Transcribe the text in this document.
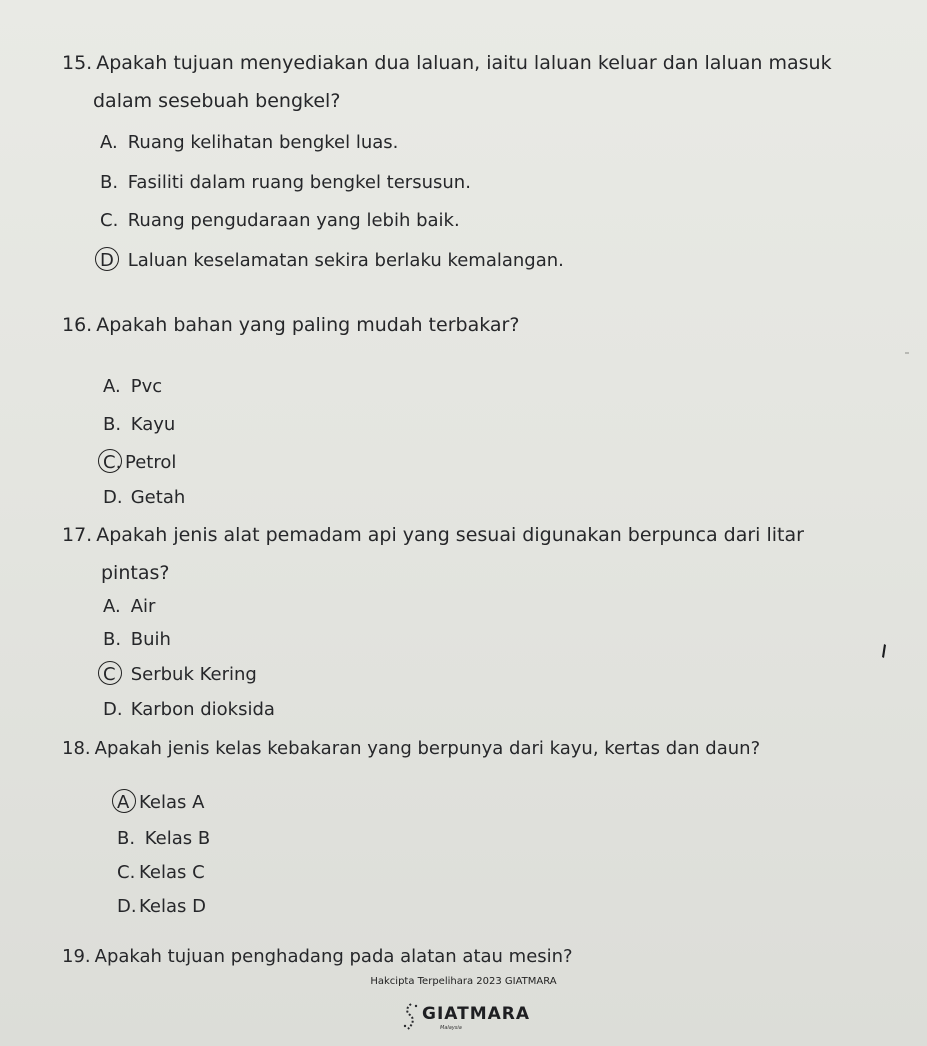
15. Apakah tujuan menyediakan dua laluan, iaitu laluan keluar dan laluan masuk
dalam sesebuah bengkel?
A. Ruang kelihatan bengkel luas.
B. Fasiliti dalam ruang bengkel tersusun.
C. Ruang pengudaraan yang lebih baik.
D Laluan keselamatan sekira berlaku kemalangan.
16. Apakah bahan yang paling mudah terbakar?
A. Pvc
B. Kayu
C. Petrol
D. Getah
17. Apakah jenis alat pemadam api yang sesuai digunakan berpunca dari litar
pintas?
A. Air
B. Buih
C Serbuk Kering
D. Karbon dioksida
18. Apakah jenis kelas kebakaran yang berpunya dari kayu, kertas dan daun?
A Kelas A
B. Kelas B
C. Kelas C
D. Kelas D
19. Apakah tujuan penghadang pada alatan atau mesin?
Hakcipta Terpelihara 2023 GIATMARA
GIATMARA
Malaysia
